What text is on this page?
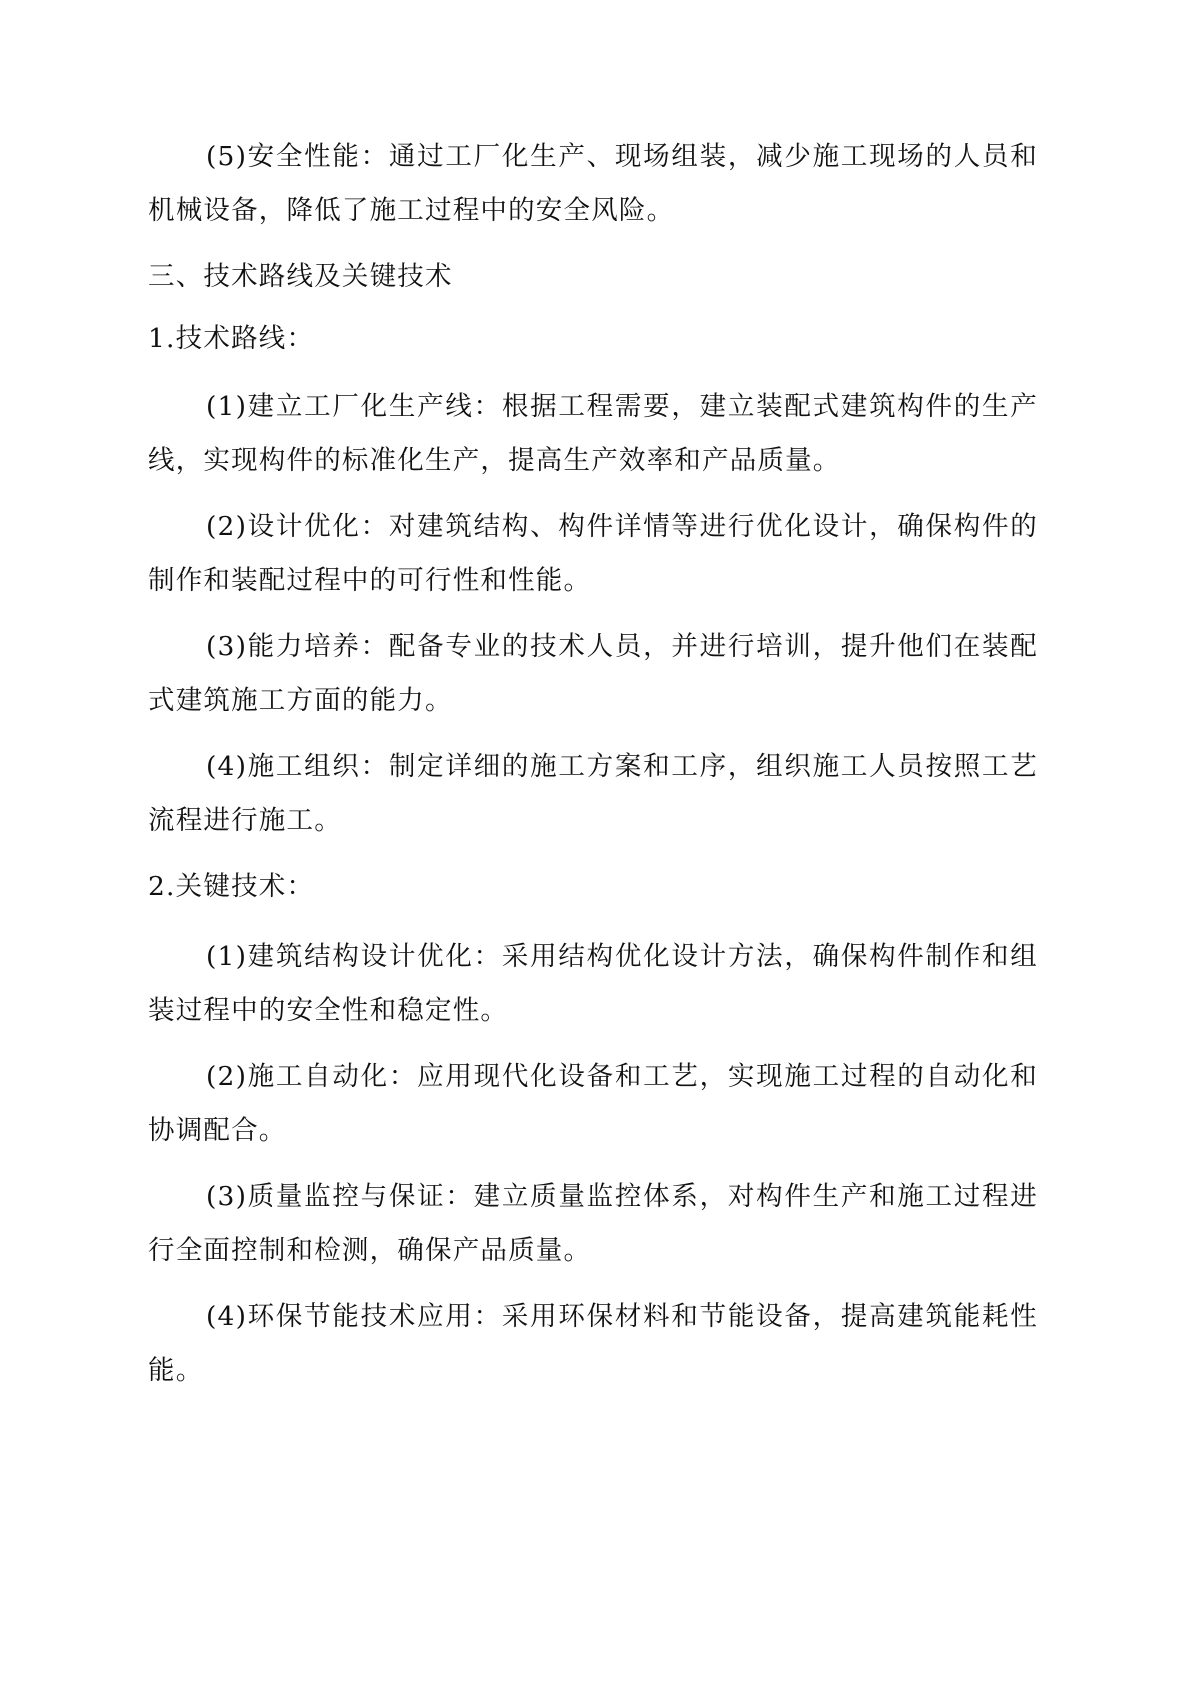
(5)安全性能：通过工厂化生产、现场组装，减少施工现场的人员和机械设备，降低了施工过程中的安全风险。

三、技术路线及关键技术

1.技术路线：

(1)建立工厂化生产线：根据工程需要，建立装配式建筑构件的生产线，实现构件的标准化生产，提高生产效率和产品质量。

(2)设计优化：对建筑结构、构件详情等进行优化设计，确保构件的制作和装配过程中的可行性和性能。

(3)能力培养：配备专业的技术人员，并进行培训，提升他们在装配式建筑施工方面的能力。

(4)施工组织：制定详细的施工方案和工序，组织施工人员按照工艺流程进行施工。

2.关键技术：

(1)建筑结构设计优化：采用结构优化设计方法，确保构件制作和组装过程中的安全性和稳定性。

(2)施工自动化：应用现代化设备和工艺，实现施工过程的自动化和协调配合。

(3)质量监控与保证：建立质量监控体系，对构件生产和施工过程进行全面控制和检测，确保产品质量。

(4)环保节能技术应用：采用环保材料和节能设备，提高建筑能耗性能。
